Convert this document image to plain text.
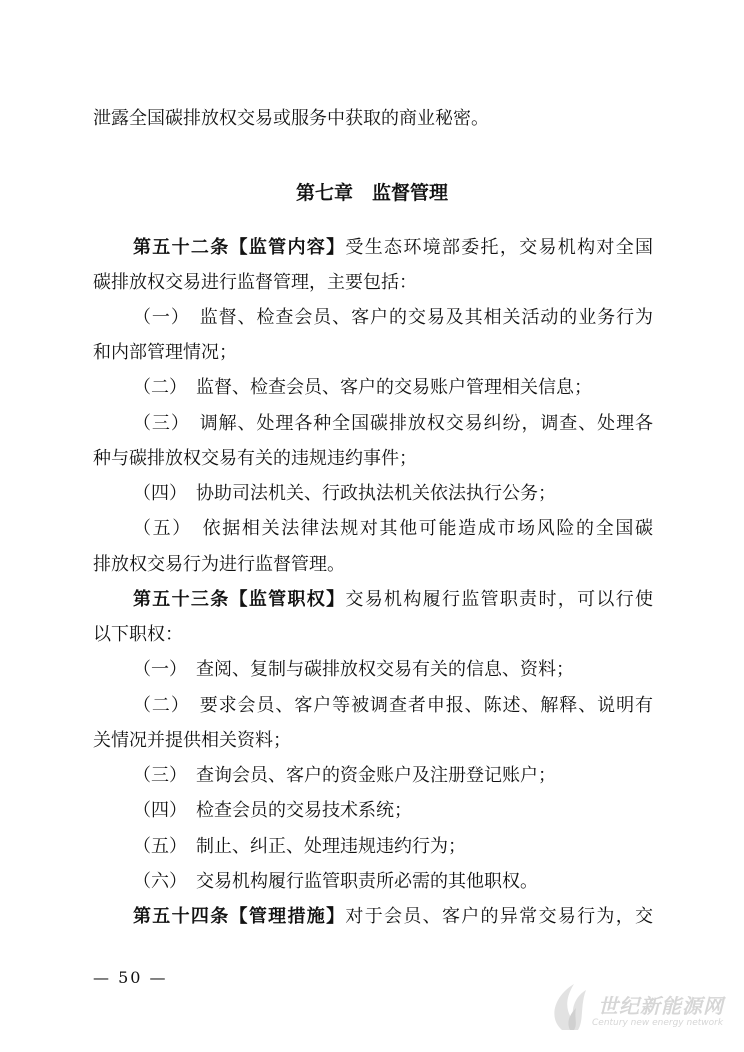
泄露全国碳排放权交易或服务中获取的商业秘密。
第七章　监督管理
第五十二条【监管内容】受生态环境部委托，交易机构对全国
碳排放权交易进行监督管理，主要包括：
（一）　监督、检查会员、客户的交易及其相关活动的业务行为
和内部管理情况；
（二）　监督、检查会员、客户的交易账户管理相关信息；
（三）　调解、处理各种全国碳排放权交易纠纷，调查、处理各
种与碳排放权交易有关的违规违约事件；
（四）　协助司法机关、行政执法机关依法执行公务；
（五）　依据相关法律法规对其他可能造成市场风险的全国碳
排放权交易行为进行监督管理。
第五十三条【监管职权】交易机构履行监管职责时，可以行使
以下职权：
（一）　查阅、复制与碳排放权交易有关的信息、资料；
（二）　要求会员、客户等被调查者申报、陈述、解释、说明有
关情况并提供相关资料；
（三）　查询会员、客户的资金账户及注册登记账户；
（四）　检查会员的交易技术系统；
（五）　制止、纠正、处理违规违约行为；
（六）　交易机构履行监管职责所必需的其他职权。
第五十四条【管理措施】对于会员、客户的异常交易行为，交
— 50 —
世纪新能源网
Century new energy network
